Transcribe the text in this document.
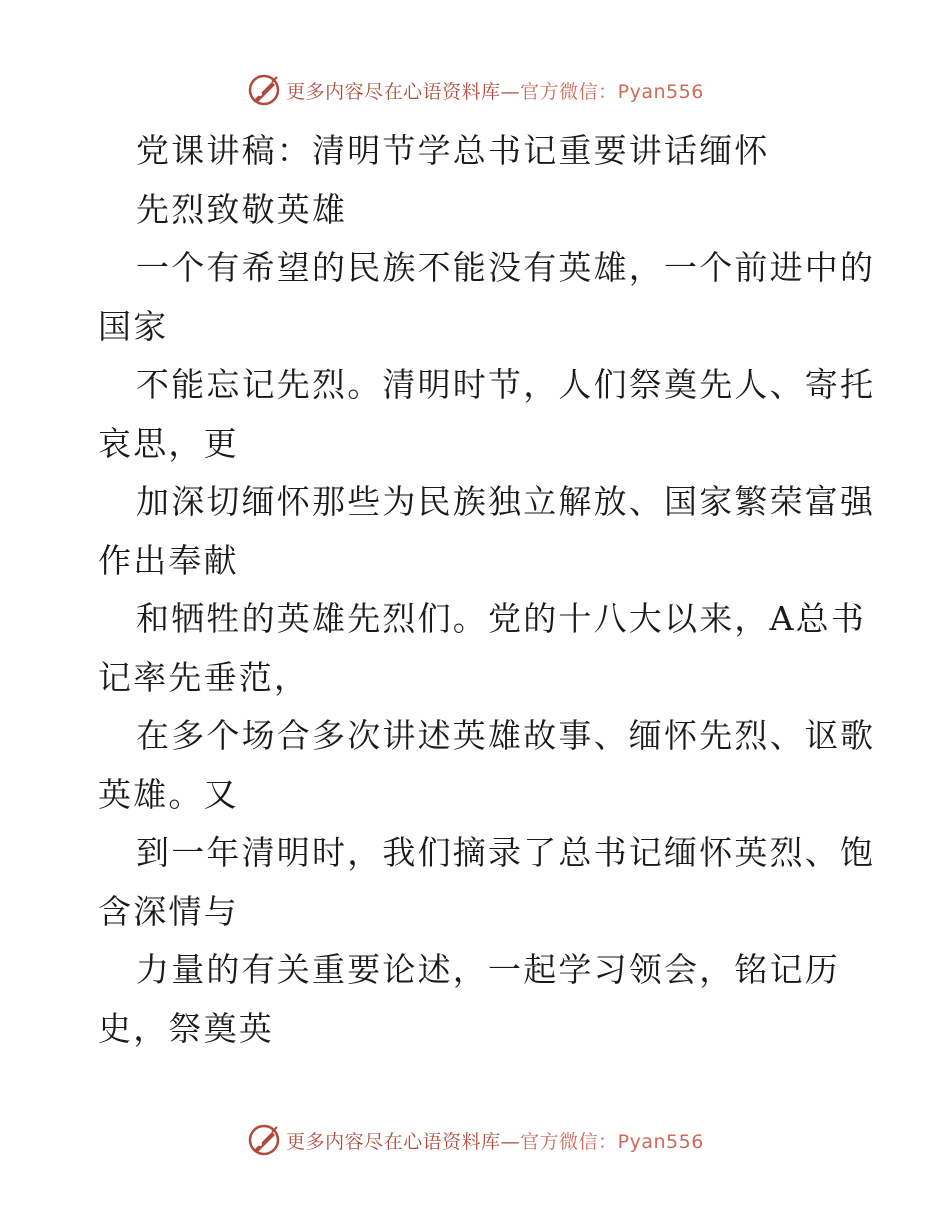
更多内容尽在心语资料库—官方微信：Pyan556
党课讲稿：清明节学总书记重要讲话缅怀
先烈致敬英雄
一个有希望的民族不能没有英雄，一个前进中的
国家
不能忘记先烈。清明时节，人们祭奠先人、寄托
哀思，更
加深切缅怀那些为民族独立解放、国家繁荣富强
作出奉献
和牺牲的英雄先烈们。党的十八大以来，A总书
记率先垂范，
在多个场合多次讲述英雄故事、缅怀先烈、讴歌
英雄。又
到一年清明时，我们摘录了总书记缅怀英烈、饱
含深情与
力量的有关重要论述，一起学习领会，铭记历
史，祭奠英
更多内容尽在心语资料库—官方微信：Pyan556
